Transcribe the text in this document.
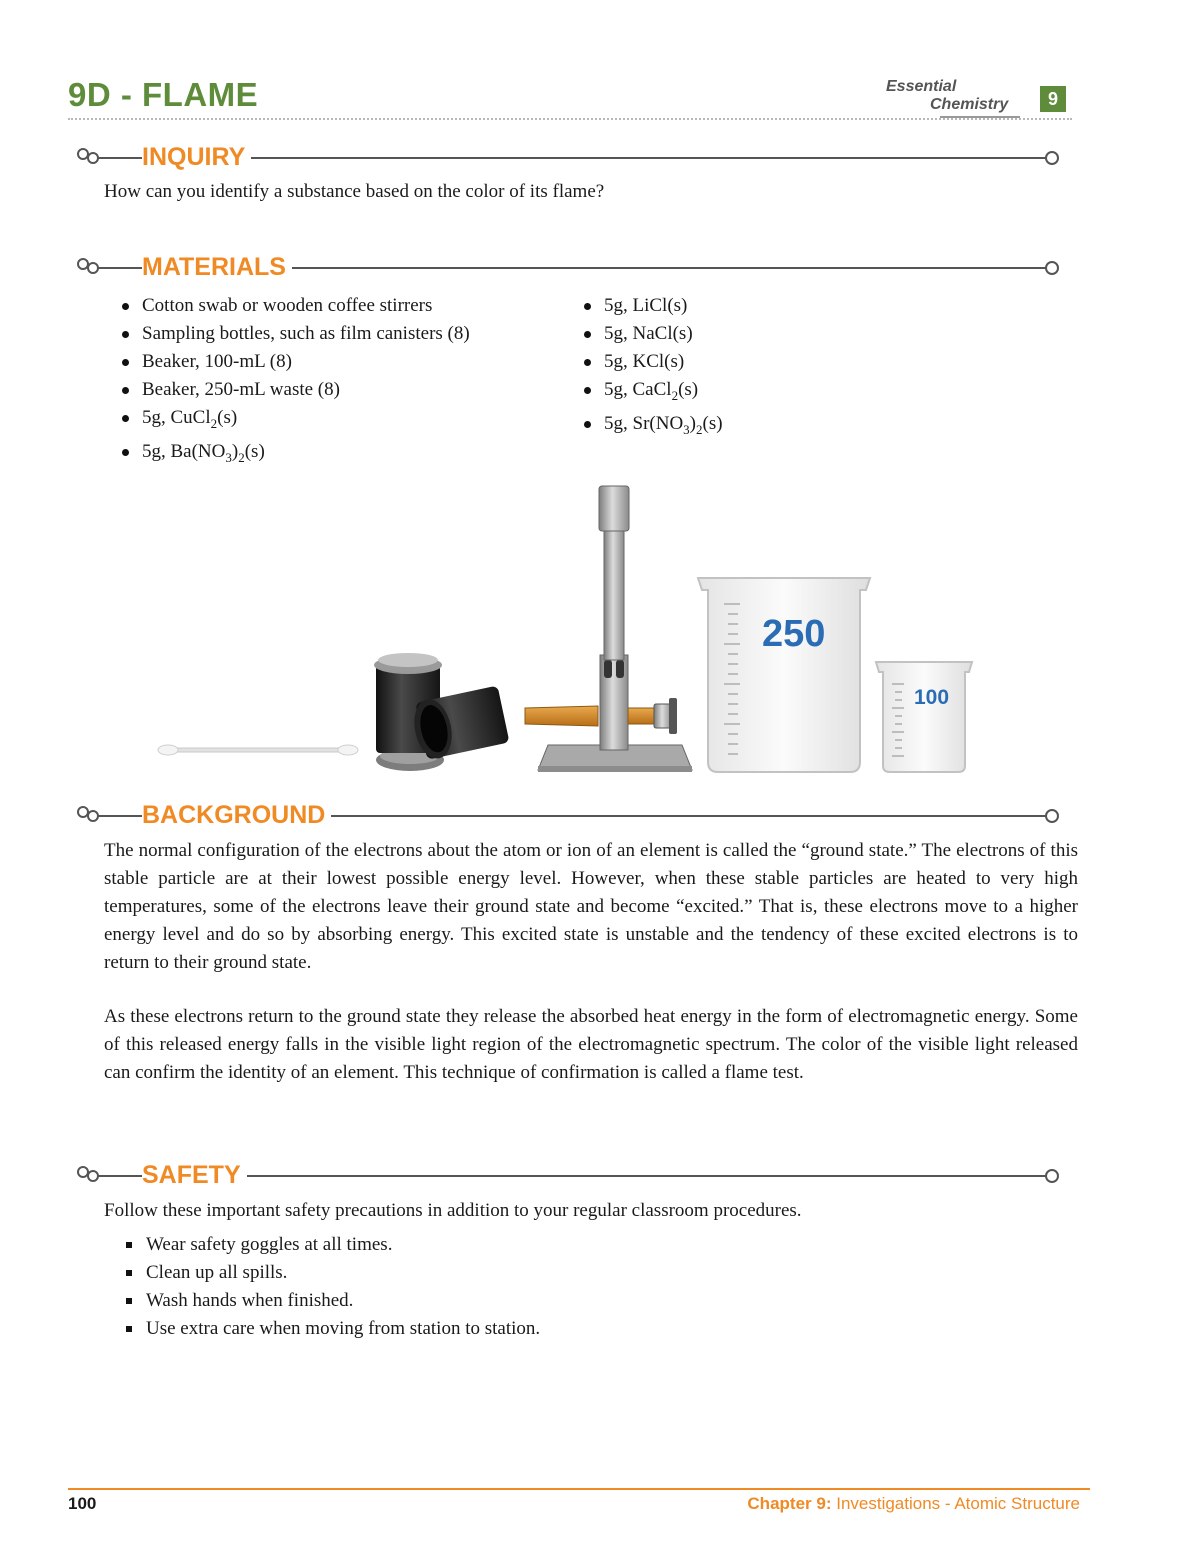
9D - FLAME	Essential
Chemistry	9
INQUIRY
How can you identify a substance based on the color of its flame?
MATERIALS
Cotton swab or wooden coffee stirrers
Sampling bottles, such as film canisters (8)
Beaker, 100-mL (8)
Beaker, 250-mL waste (8)
5g, CuCl$_2$(s)
5g, $Ba(NO_3)_2(s)$
5g, LiCl(s)
5g, NaCl(s)
5g, KCl(s)
5g, CaCl$_2$(s)
5g, $Sr(NO_3)_2(s)$
250
100
BACKGROUND
The normal configuration of the electrons about the atom or ion of an element is called the “ground state.” The electrons of this stable particle are at their lowest possible energy level. However, when these stable particles are heated to very high temperatures, some of the electrons leave their ground state and become “excited.” That is, these electrons move to a higher energy level and do so by absorbing energy. This excited state is unstable and the tendency of these excited electrons is to return to their ground state.
As these electrons return to the ground state they release the absorbed heat energy in the form of electromagnetic energy. Some of this released energy falls in the visible light region of the electromagnetic spectrum. The color of the visible light released can confirm the identity of an element. This technique of confirmation is called a flame test.
SAFETY
Follow these important safety precautions in addition to your regular classroom procedures.
Wear safety goggles at all times.
Clean up all spills.
Wash hands when finished.
Use extra care when moving from station to station.
100	Chapter 9: Investigations - Atomic Structure
